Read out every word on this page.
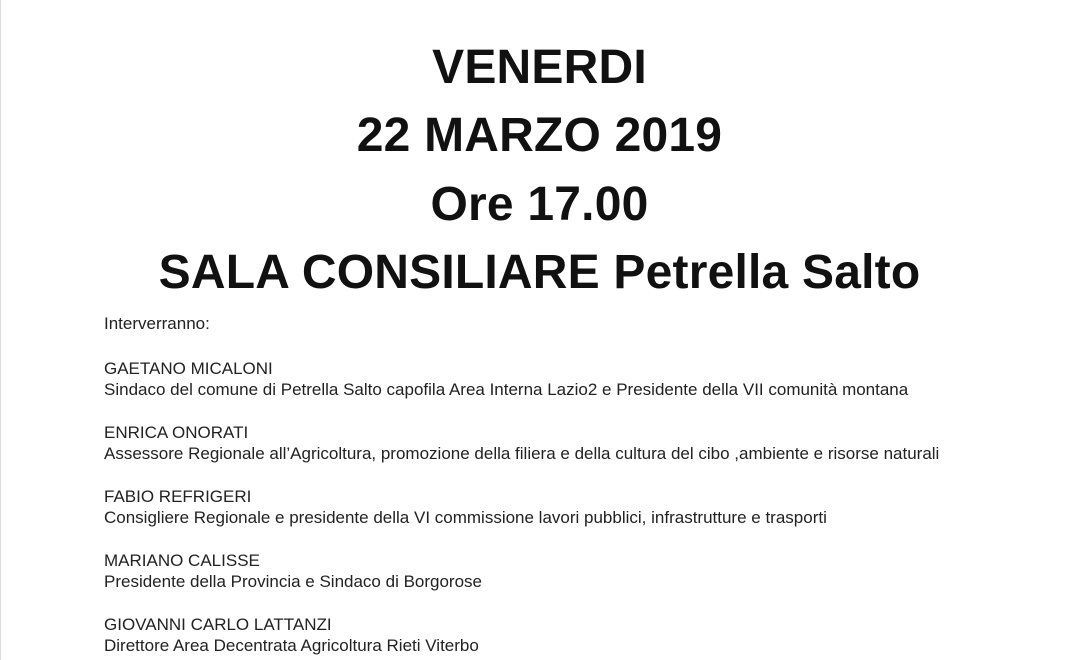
VENERDI
22 MARZO 2019
Ore 17.00
SALA CONSILIARE Petrella Salto

Interverranno:

GAETANO MICALONI
Sindaco del comune di Petrella Salto capofila Area Interna Lazio2 e Presidente della VII comunità montana
ENRICA ONORATI
Assessore Regionale all’Agricoltura, promozione della filiera e della cultura del cibo ,ambiente e risorse naturali
FABIO REFRIGERI
Consigliere Regionale e presidente della VI commissione lavori pubblici, infrastrutture e trasporti
MARIANO CALISSE
Presidente della Provincia e Sindaco di Borgorose
GIOVANNI CARLO LATTANZI
Direttore Area Decentrata Agricoltura Rieti Viterbo
